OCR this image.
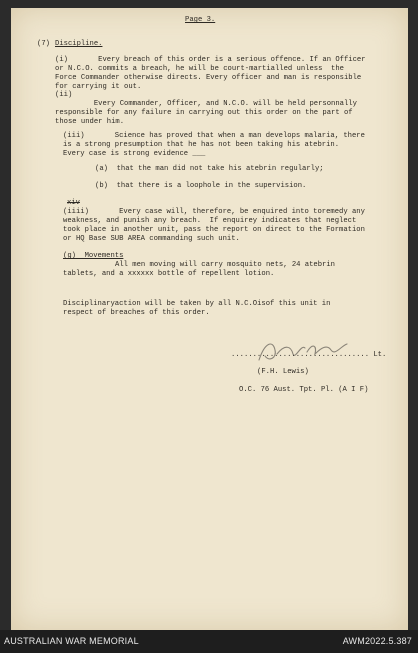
Page 3.

(7) Discipline.

(i)       Every breach of this order is a serious offence. If an Officer

or N.C.O. commits a breach, he will be court-martialled unless  the

Force Commander otherwise directs. Every officer and man is responsible

for carrying it out.

(ii)

Every Commander, Officer, and N.C.O. will be held personnally

responsible for any failure in carrying out this order on the part of

those under him.

(iii)       Science has proved that when a man develops malaria, there

is a strong presumption that he has not been taking his atebrin.

Every case is strong evidence ___

(a)  that the man did not take his atebrin regularly;

(b)  that there is a loophole in the supervision.

xiv

(iiii)       Every case will, therefore, be enquired into toremedy any

weakness, and punish any breach.  If enquirey indicates that neglect

took place in another unit, pass the report on direct to the Formation

or HQ Base SUB AREA commanding such unit.

(g)  Movements

All men moving will carry mosquito nets, 24 atebrin

tablets, and a xxxxxx bottle of repellent lotion.

Disciplinaryaction will be taken by all N.C.Oisof this unit in

respect of breaches of this order.

................................ Lt.

(F.H. Lewis)

O.C. 76 Aust. Tpt. Pl. (A I F)

AUSTRALIAN WAR MEMORIAL	AWM2022.5.387
